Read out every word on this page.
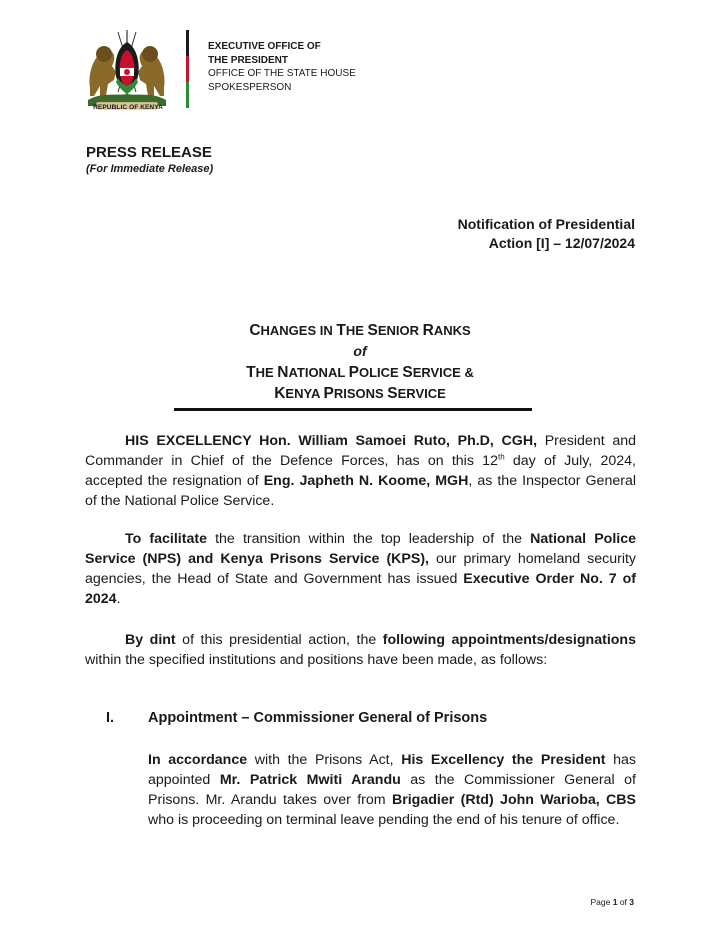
REPUBLIC OF KENYA
EXECUTIVE OFFICE OF
THE PRESIDENT
OFFICE OF THE STATE HOUSE
SPOKESPERSON
PRESS RELEASE
(For Immediate Release)
Notification of Presidential
Action [I] – 12/07/2024
CHANGES IN THE SENIOR RANKS
of
THE NATIONAL POLICE SERVICE &
KENYA PRISONS SERVICE
HIS EXCELLENCY Hon. William Samoei Ruto, Ph.D, CGH, President and Commander in Chief of the Defence Forces, has on this 12th day of July, 2024, accepted the resignation of Eng. Japheth N. Koome, MGH, as the Inspector General of the National Police Service.
To facilitate the transition within the top leadership of the National Police Service (NPS) and Kenya Prisons Service (KPS), our primary homeland security agencies, the Head of State and Government has issued Executive Order No. 7 of 2024.
By dint of this presidential action, the following appointments/designations within the specified institutions and positions have been made, as follows:
I. Appointment – Commissioner General of Prisons
In accordance with the Prisons Act, His Excellency the President has appointed Mr. Patrick Mwiti Arandu as the Commissioner General of Prisons. Mr. Arandu takes over from Brigadier (Rtd) John Warioba, CBS who is proceeding on terminal leave pending the end of his tenure of office.
Page 1 of 3
